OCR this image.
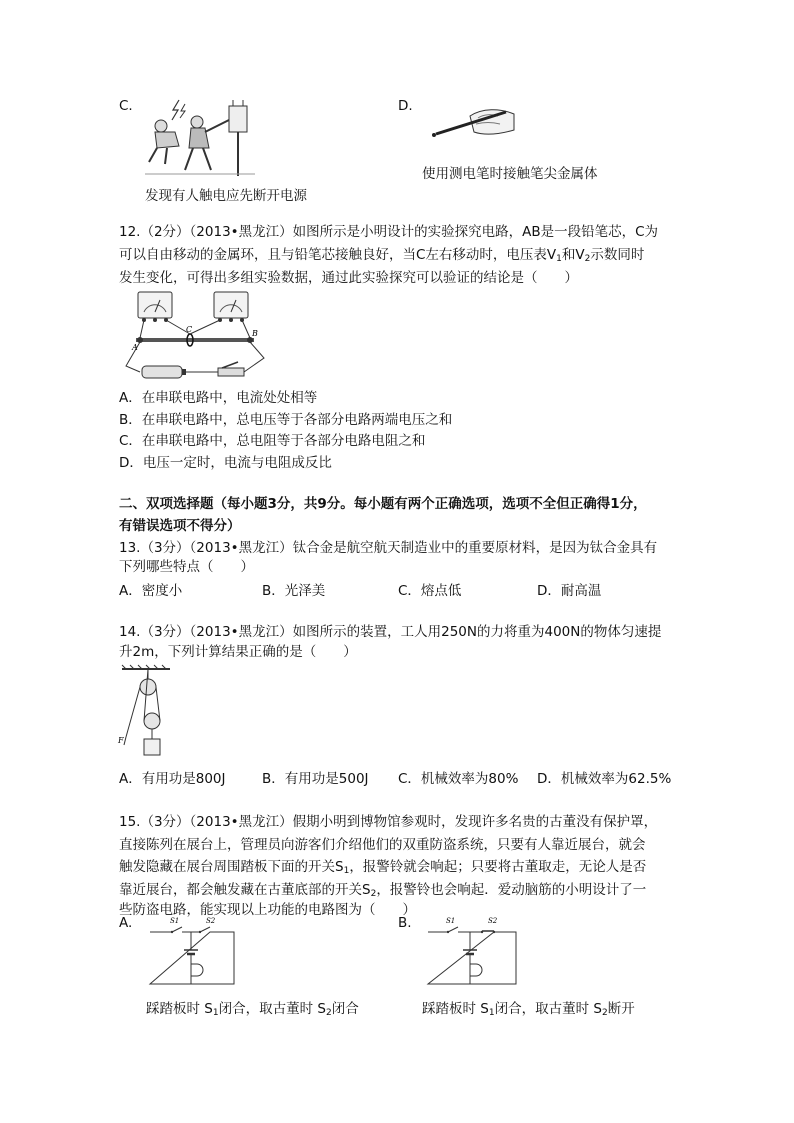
C.
发现有人触电应先断开电源
D.
使用测电笔时接触笔尖金属体
12.（2分）（2013•黑龙江）如图所示是小明设计的实验探究电路，AB是一段铅笔芯，C为
可以自由移动的金属环，且与铅笔芯接触良好，当C左右移动时，电压表$V_1$和$V_2$示数同时
发生变化，可得出多组实验数据，通过此实验探究可以验证的结论是（　　）
A
C	B
A．在串联电路中，电流处处相等
B．在串联电路中，总电压等于各部分电路两端电压之和
C．在串联电路中，总电阻等于各部分电路电阻之和
D．电压一定时，电流与电阻成反比
二、双项选择题（每小题3分，共9分。每小题有两个正确选项，选项不全但正确得1分，
有错误选项不得分）
13.（3分）（2013•黑龙江）钛合金是航空航天制造业中的重要原材料，是因为钛合金具有
下列哪些特点（　　）
A．密度小	B．光泽美	C．熔点低	D．耐高温
14.（3分）（2013•黑龙江）如图所示的装置，工人用250N的力将重为400N的物体匀速提
升2m，下列计算结果正确的是（　　）
F
A．有用功是800J	B．有用功是500J C．机械效率为80% D．机械效率为62.5%
15.（3分）（2013•黑龙江）假期小明到博物馆参观时，发现许多名贵的古董没有保护罩，
直接陈列在展台上，管理员向游客们介绍他们的双重防盗系统，只要有人靠近展台，就会
触发隐藏在展台周围踏板下面的开关$S_1$，报警铃就会响起；只要将古董取走，无论人是否
靠近展台，都会触发藏在古董底部的开关$S_2$，报警铃也会响起．爱动脑筋的小明设计了一
些防盗电路，能实现以上功能的电路图为（　　）
A.	S1	S2
踩踏板时 $S_1$闭合，取古董时 $S_2$闭合
B.	S1	S2
踩踏板时 $S_1$闭合，取古董时 $S_2$断开
